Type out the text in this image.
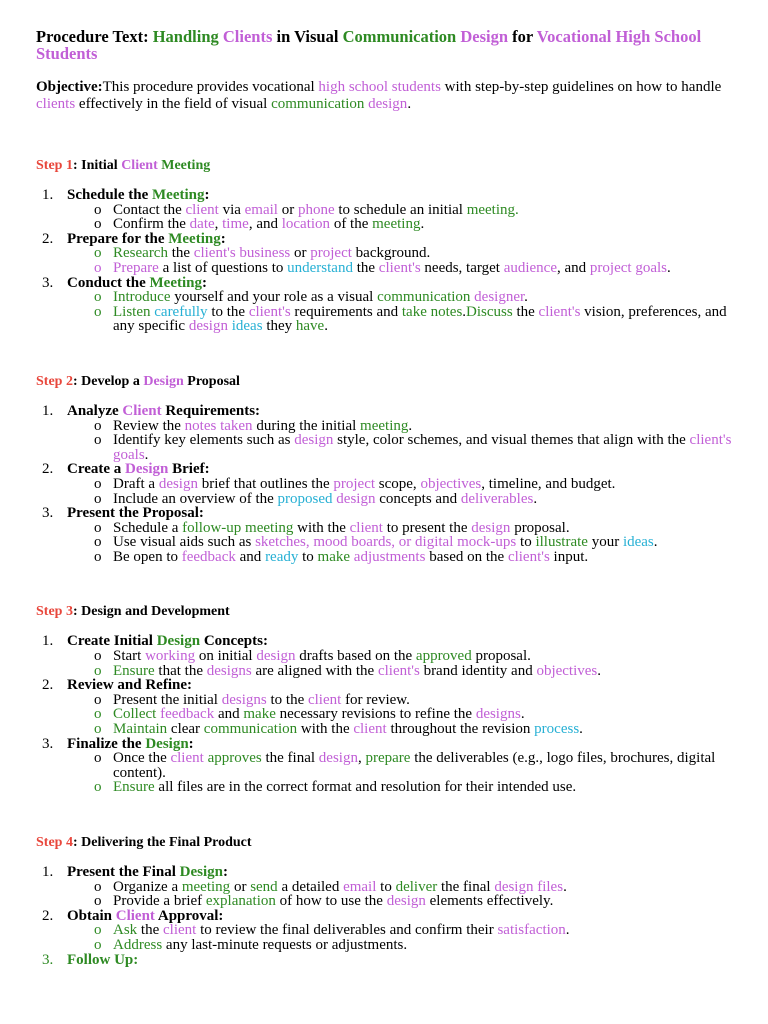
Procedure Text: Handling Clients in Visual Communication Design for Vocational High School Students

Objective:This procedure provides vocational high school students with step-by-step guidelines on how to handle clients effectively in the field of visual communication design.

Step 1: Initial Client Meeting
1. Schedule the Meeting:
o Contact the client via email or phone to schedule an initial meeting.
o Confirm the date, time, and location of the meeting.
2. Prepare for the Meeting:
o Research the client's business or project background.
o Prepare a list of questions to understand the client's needs, target audience, and project goals.
3. Conduct the Meeting:
o Introduce yourself and your role as a visual communication designer.
o Listen carefully to the client's requirements and take notes.Discuss the client's vision, preferences, and any specific design ideas they have.
Step 2: Develop a Design Proposal
1. Analyze Client Requirements:
o Review the notes taken during the initial meeting.
o Identify key elements such as design style, color schemes, and visual themes that align with the client's goals.
2. Create a Design Brief:
o Draft a design brief that outlines the project scope, objectives, timeline, and budget.
o Include an overview of the proposed design concepts and deliverables.
3. Present the Proposal:
o Schedule a follow-up meeting with the client to present the design proposal.
o Use visual aids such as sketches, mood boards, or digital mock-ups to illustrate your ideas.
o Be open to feedback and ready to make adjustments based on the client's input.
Step 3: Design and Development
1. Create Initial Design Concepts:
o Start working on initial design drafts based on the approved proposal.
o Ensure that the designs are aligned with the client's brand identity and objectives.
2. Review and Refine:
o Present the initial designs to the client for review.
o Collect feedback and make necessary revisions to refine the designs.
o Maintain clear communication with the client throughout the revision process.
3. Finalize the Design:
o Once the client approves the final design, prepare the deliverables (e.g., logo files, brochures, digital content).
o Ensure all files are in the correct format and resolution for their intended use.
Step 4: Delivering the Final Product
1. Present the Final Design:
o Organize a meeting or send a detailed email to deliver the final design files.
o Provide a brief explanation of how to use the design elements effectively.
2. Obtain Client Approval:
o Ask the client to review the final deliverables and confirm their satisfaction.
o Address any last-minute requests or adjustments.
3. Follow Up:
